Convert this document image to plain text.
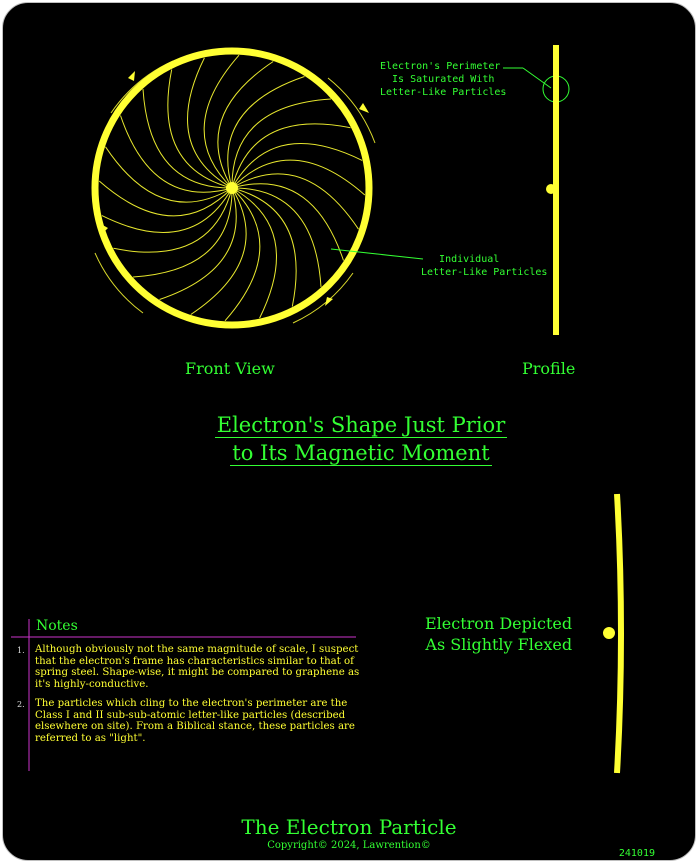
Electron's Perimeter
Is Saturated With
Letter-Like Particles
Individual
Letter-Like Particles
Front View	Profile
Electron's Shape Just Prior
to Its Magnetic Moment
Electron Depicted
As Slightly Flexed
Notes
1. Although obviously not the same magnitude of scale, I suspect that the electron's frame has characteristics similar to that of spring steel. Shape-wise, it might be compared to graphene as it's highly-conductive.
2. The particles which cling to the electron's perimeter are the Class I and II sub-sub-atomic letter-like particles (described elsewhere on site). From a Biblical stance, these particles are referred to as "light".
The Electron Particle
Copyright© 2024, Lawrention©
241019
